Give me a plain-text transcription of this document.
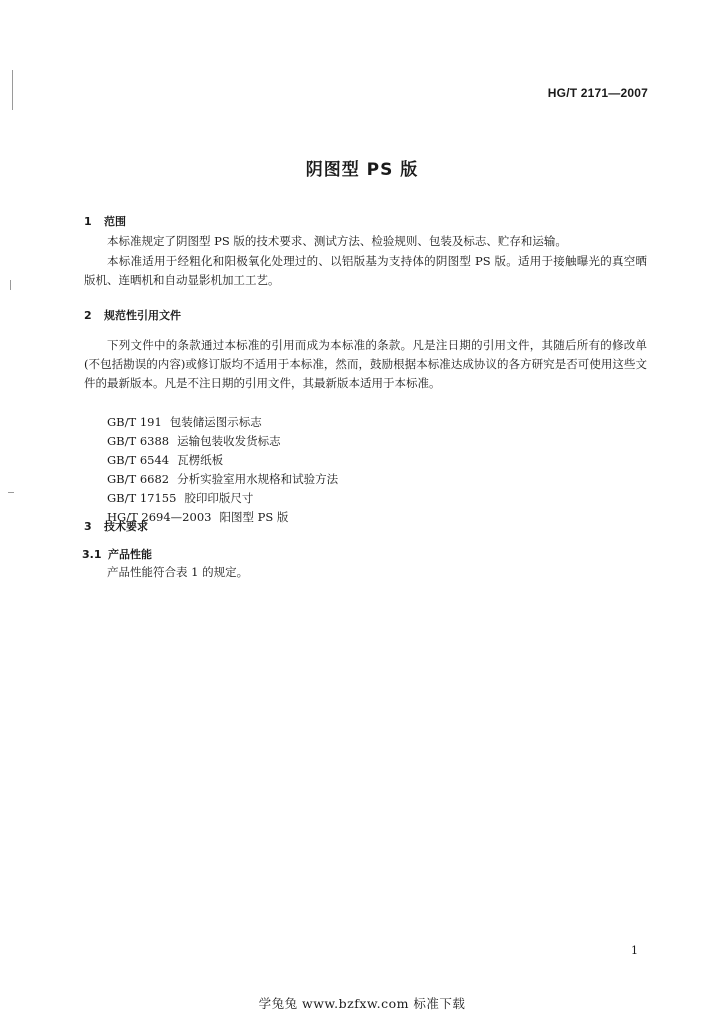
HG/T 2171—2007
阴图型 PS 版
1 范围

本标准规定了阴图型 PS 版的技术要求、测试方法、检验规则、包装及标志、贮存和运输。

本标准适用于经粗化和阳极氧化处理过的、以铝版基为支持体的阴图型 PS 版。适用于接触曝光的真空晒版机、连晒机和自动显影机加工工艺。

2 规范性引用文件

下列文件中的条款通过本标准的引用而成为本标准的条款。凡是注日期的引用文件，其随后所有的修改单(不包括勘误的内容)或修订版均不适用于本标准，然而，鼓励根据本标准达成协议的各方研究是否可使用这些文件的最新版本。凡是不注日期的引用文件，其最新版本适用于本标准。

GB/T 191 包装储运图示标志
GB/T 6388 运输包装收发货标志
GB/T 6544 瓦楞纸板
GB/T 6682 分析实验室用水规格和试验方法
GB/T 17155 胶印印版尺寸
HG/T 2694—2003 阳图型 PS 版
3 技术要求
3.1 产品性能
产品性能符合表 1 的规定。
1
学兔兔 www.bzfxw.com 标准下载
